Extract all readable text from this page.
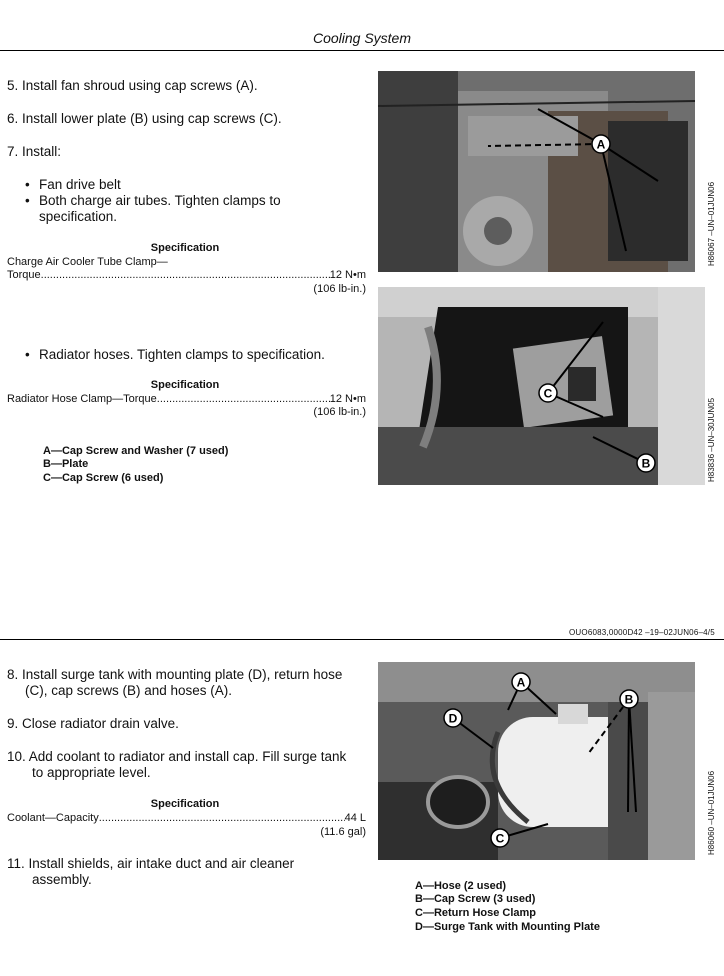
Cooling System
5. Install fan shroud using cap screws (A).
6. Install lower plate (B) using cap screws (C).
7. Install:
• Fan drive belt
• Both charge air tubes. Tighten clamps to
specification.
Specification
Charge Air Cooler Tube Clamp—
Torque .....	12 N•m
(106 lb-in.)
• Radiator hoses. Tighten clamps to specification.
Specification
Radiator Hose Clamp—Torque .....	12 N•m
(106 lb-in.)
A—Cap Screw and Washer (7 used)
B—Plate
C—Cap Screw (6 used)
A
H86067 –UN–01JUN06
C
B	H83836 –UN–30JUN05
OUO6083,0000D42 –19–02JUN06–4/5
8. Install surge tank with mounting plate (D), return hose
(C), cap screws (B) and hoses (A).
9. Close radiator drain valve.
10. Add coolant to radiator and install cap. Fill surge tank
to appropriate level.
Specification
Coolant—Capacity .....	44 L
(11.6 gal)
11. Install shields, air intake duct and air cleaner
assembly.
A
B
D
C	H86060 –UN–01JUN06
A—Hose (2 used)
B—Cap Screw (3 used)
C—Return Hose Clamp
D—Surge Tank with Mounting Plate
